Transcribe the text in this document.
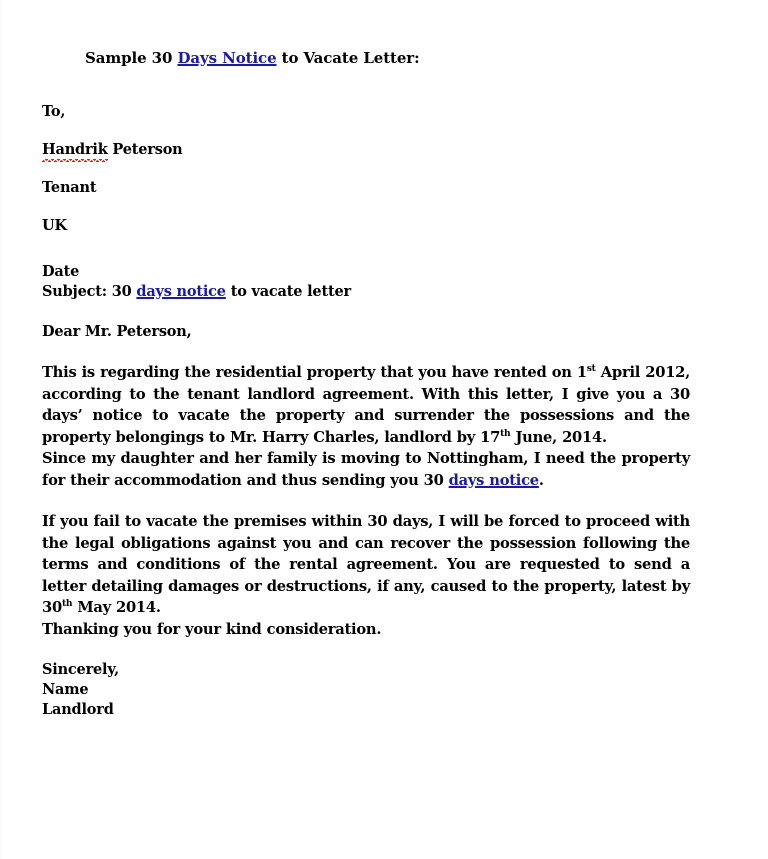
Sample 30 Days Notice to Vacate Letter:
To,
Handrik Peterson
Tenant
UK
Date
Subject: 30 days notice to vacate letter
Dear Mr. Peterson,

This is regarding the residential property that you have rented on 1st April 2012, according to the tenant landlord agreement. With this letter, I give you a 30 days’ notice to vacate the property and surrender the possessions and the property belongings to Mr. Harry Charles, landlord by 17th June, 2014.

Since my daughter and her family is moving to Nottingham, I need the property for their accommodation and thus sending you 30 days notice.

If you fail to vacate the premises within 30 days, I will be forced to proceed with the legal obligations against you and can recover the possession following the terms and conditions of the rental agreement. You are requested to send a letter detailing damages or destructions, if any, caused to the property, latest by 30th May 2014.

Thanking you for your kind consideration.

Sincerely,
Name
Landlord
